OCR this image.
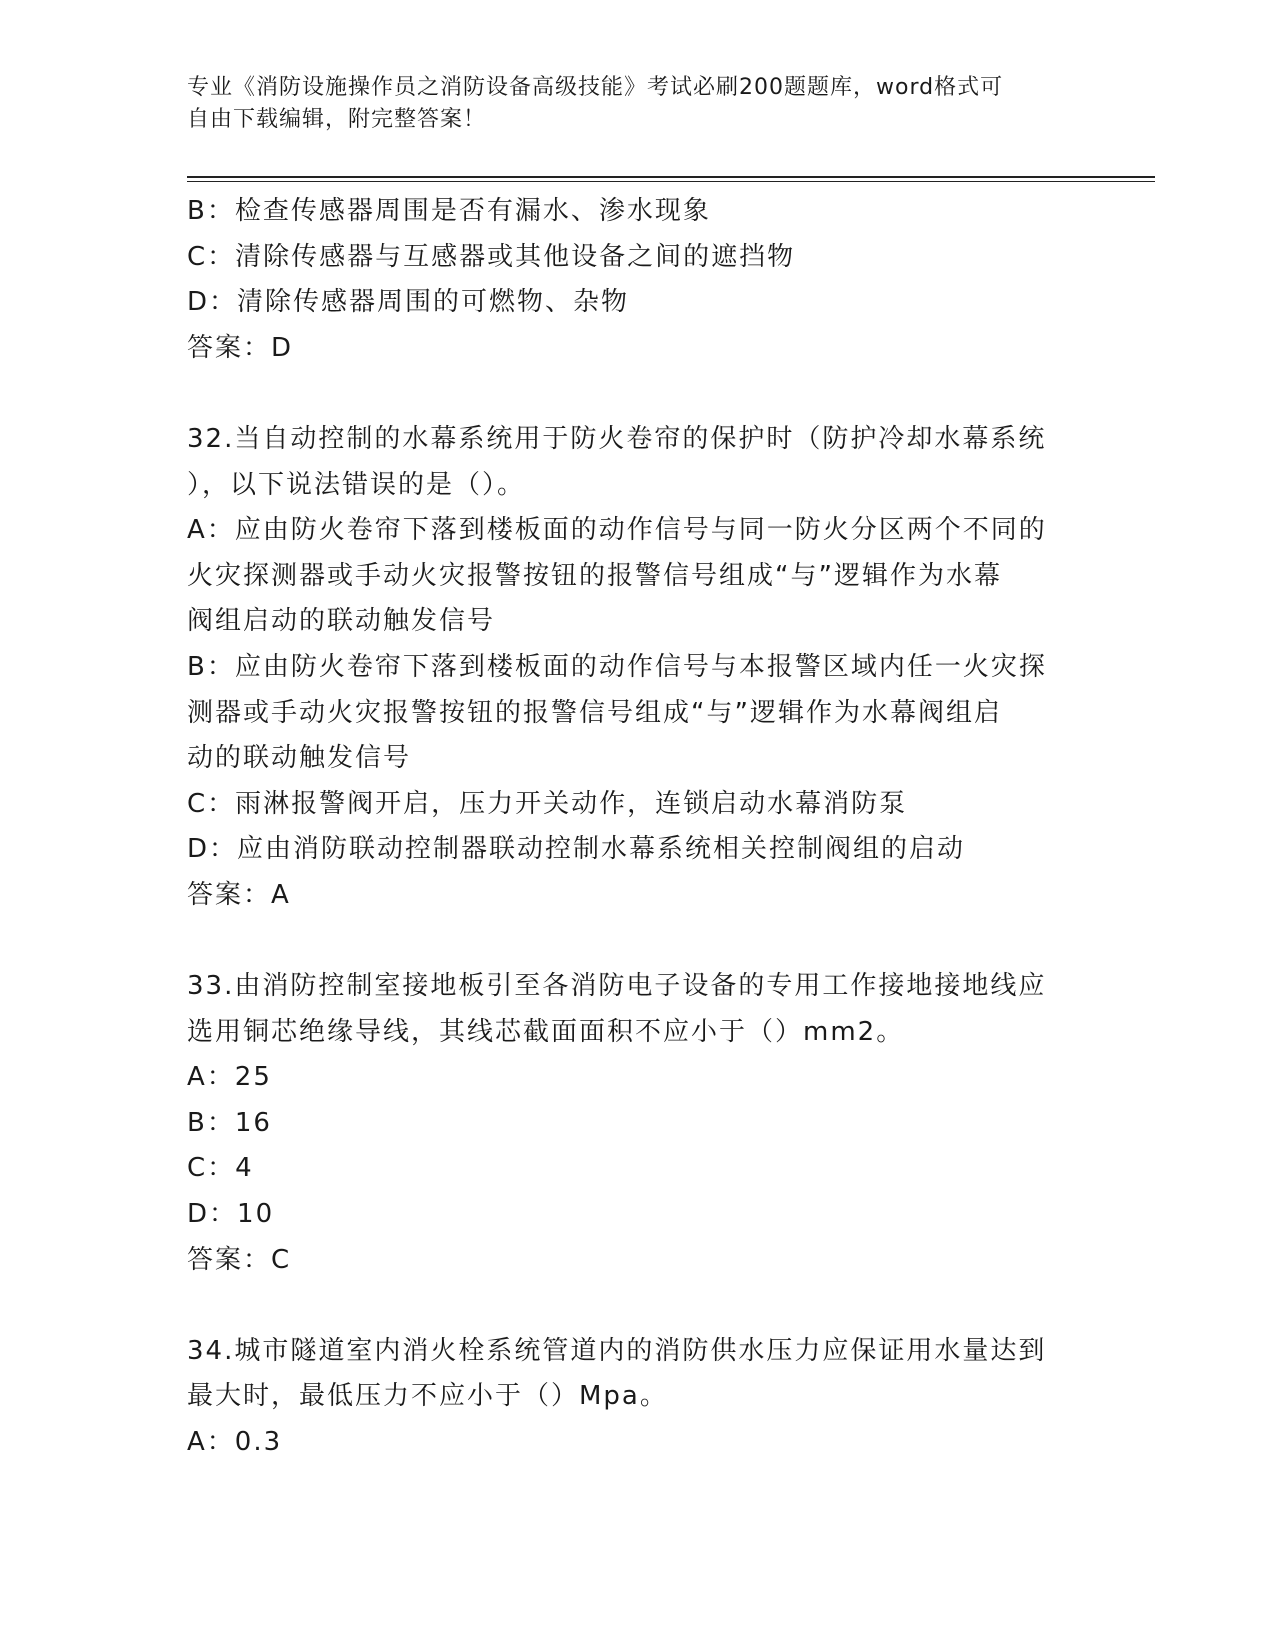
专业《消防设施操作员之消防设备高级技能》考试必刷200题题库，word格式可
自由下载编辑，附完整答案！
B：检查传感器周围是否有漏水、渗水现象
C：清除传感器与互感器或其他设备之间的遮挡物
D：清除传感器周围的可燃物、杂物
答案：D
32.当自动控制的水幕系统用于防火卷帘的保护时（防护冷却水幕系统
），以下说法错误的是（）。
A：应由防火卷帘下落到楼板面的动作信号与同一防火分区两个不同的
火灾探测器或手动火灾报警按钮的报警信号组成“与”逻辑作为水幕
阀组启动的联动触发信号
B：应由防火卷帘下落到楼板面的动作信号与本报警区域内任一火灾探
测器或手动火灾报警按钮的报警信号组成“与”逻辑作为水幕阀组启
动的联动触发信号
C：雨淋报警阀开启，压力开关动作，连锁启动水幕消防泵
D：应由消防联动控制器联动控制水幕系统相关控制阀组的启动
答案：A
33.由消防控制室接地板引至各消防电子设备的专用工作接地接地线应
选用铜芯绝缘导线，其线芯截面面积不应小于（）mm2。
A：25
B：16
C：4
D：10
答案：C
34.城市隧道室内消火栓系统管道内的消防供水压力应保证用水量达到
最大时，最低压力不应小于（）Mpa。
A：0.3
